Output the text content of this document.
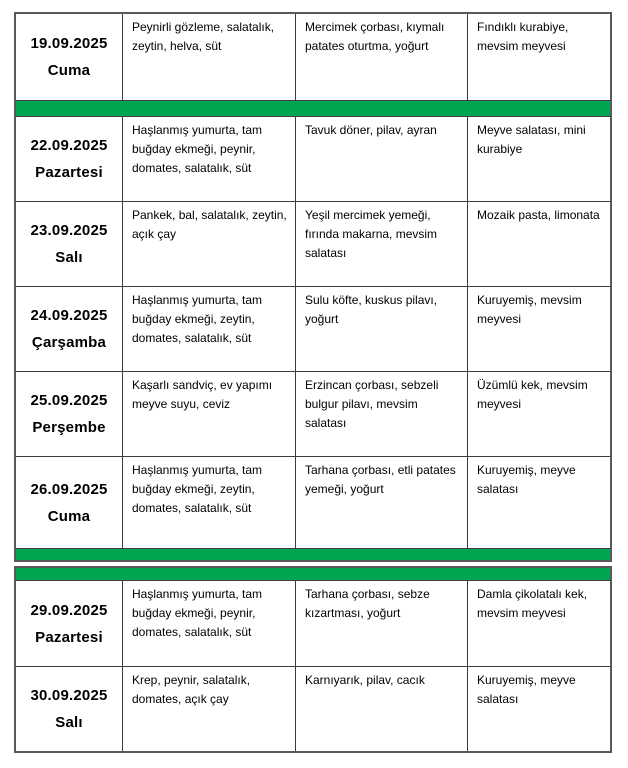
19.09.2025
Cuma
Peynirli gözleme, salatalık, zeytin, helva, süt
Mercimek çorbası, kıymalı patates oturtma, yoğurt
Fındıklı kurabiye, mevsim meyvesi
22.09.2025
Pazartesi
Haşlanmış yumurta, tam buğday ekmeği, peynir, domates, salatalık, süt
Tavuk döner, pilav, ayran	Meyve salatası, mini kurabiye
23.09.2025
Salı
Pankek, bal, salatalık, zeytin, açık çay
Yeşil mercimek yemeği, fırında makarna, mevsim salatası
Mozaik pasta, limonata
24.09.2025
Çarşamba
Haşlanmış yumurta, tam buğday ekmeği, zeytin, domates, salatalık, süt
Sulu köfte, kuskus pilavı, yoğurt
Kuruyemiş, mevsim meyvesi
25.09.2025
Perşembe
Kaşarlı sandviç, ev yapımı meyve suyu, ceviz
Erzincan çorbası, sebzeli bulgur pilavı, mevsim salatası
Üzümlü kek, mevsim meyvesi
26.09.2025
Cuma
Haşlanmış yumurta, tam buğday ekmeği, zeytin, domates, salatalık, süt
Tarhana çorbası, etli patates yemeği, yoğurt
Kuruyemiş, meyve salatası
29.09.2025
Pazartesi
Haşlanmış yumurta, tam buğday ekmeği, peynir, domates, salatalık, süt
Tarhana çorbası, sebze kızartması, yoğurt
Damla çikolatalı kek, mevsim meyvesi
30.09.2025
Salı
Krep, peynir, salatalık, domates, açık çay
Karnıyarık, pilav, cacık	Kuruyemiş, meyve salatası
